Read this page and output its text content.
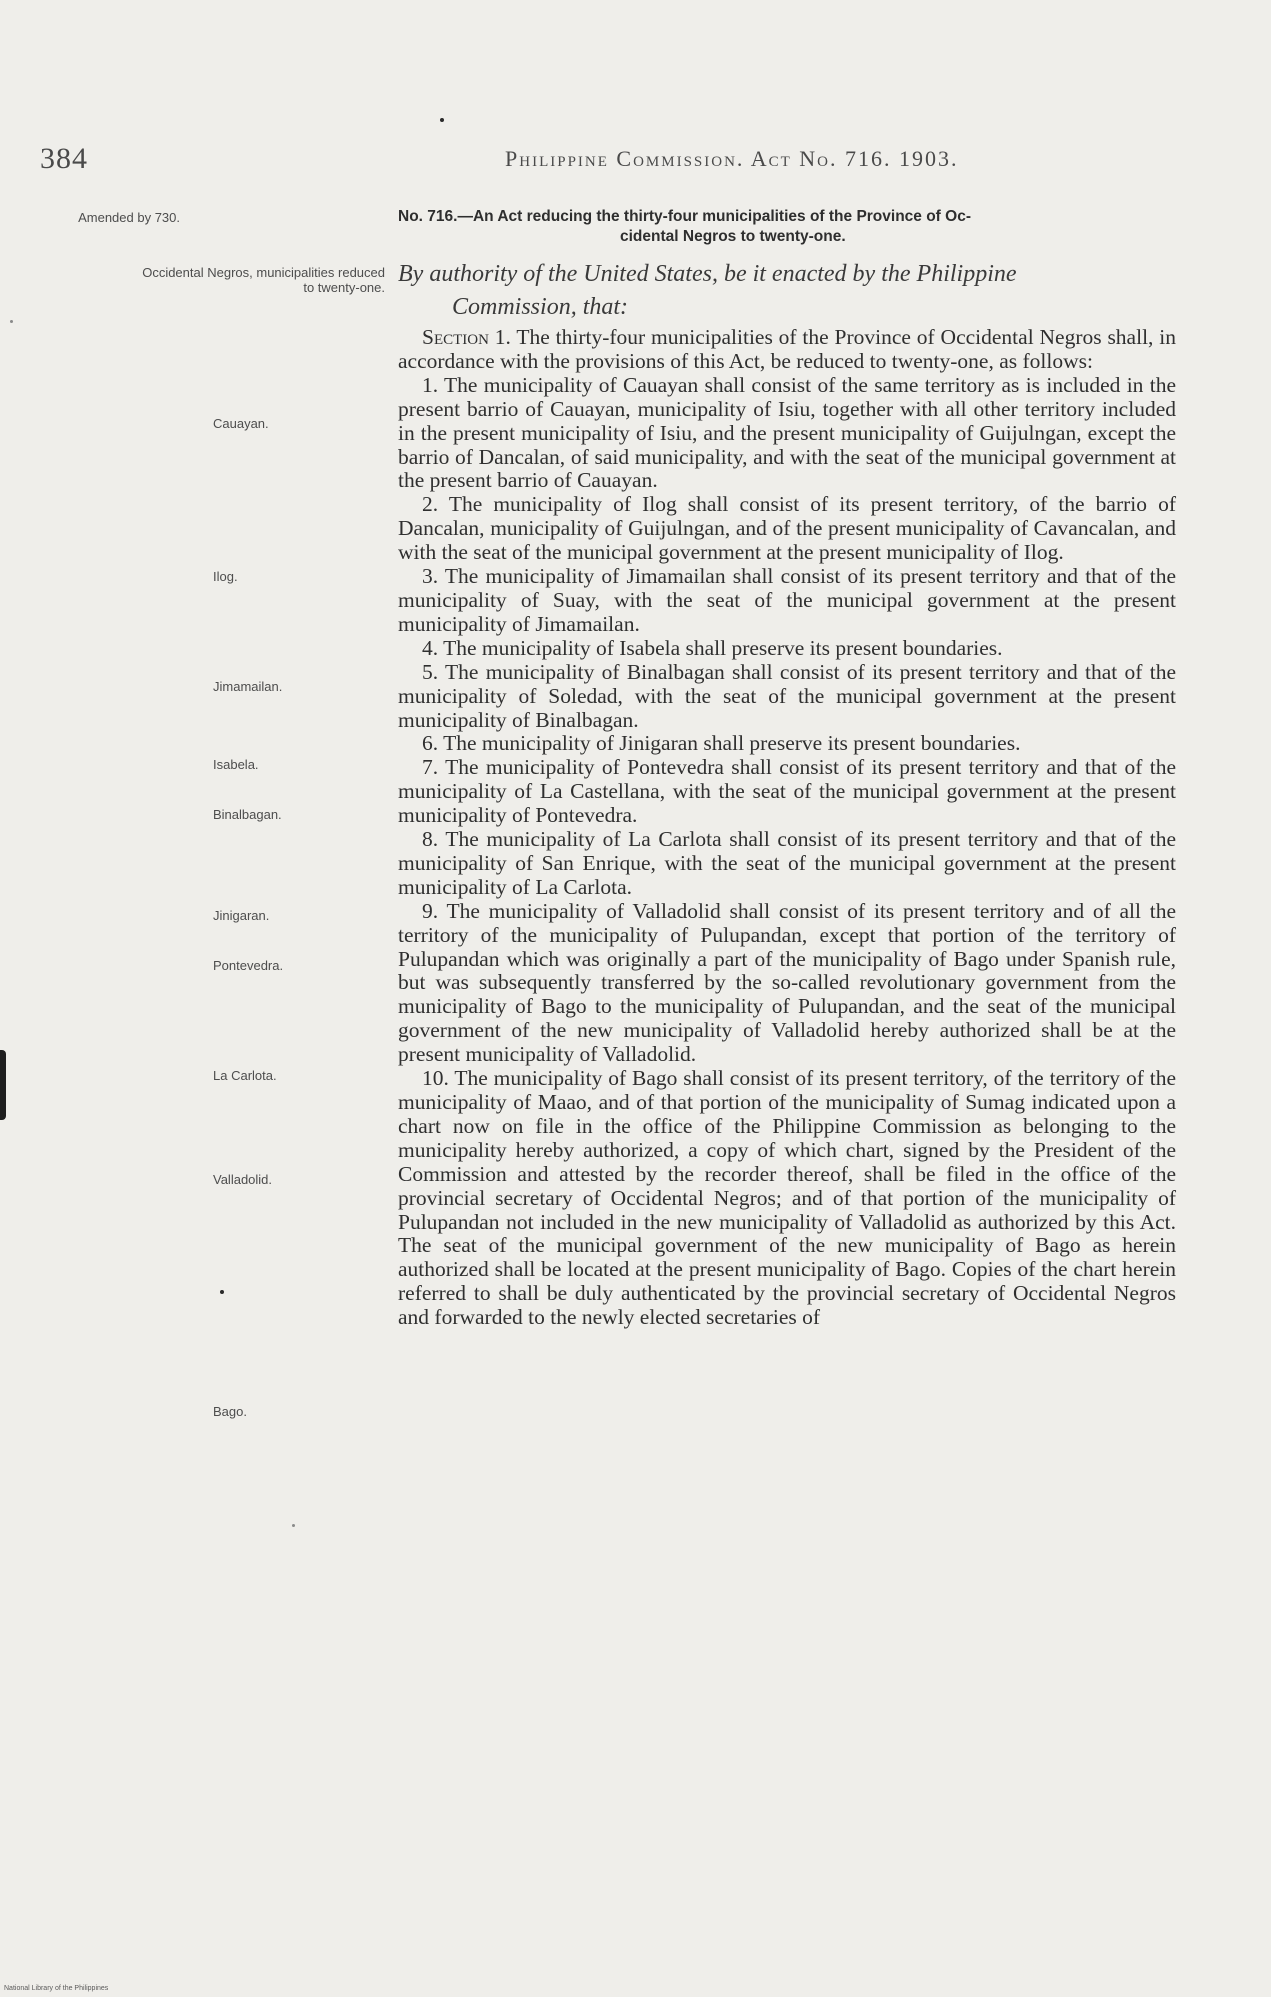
384	Philippine Commission. Act No. 716. 1903.
Amended by 730.
Occidental Negros, municipalities reduced to twenty-one.
No. 716.—An Act reducing the thirty-four municipalities of the Province of Oc-
cidental Negros to twenty-one.
By authority of the United States, be it enacted by the Philippine
Commission, that:
Cauayan.
Ilog.
Jimamailan.
Isabela.
Binalbagan.
Jinigaran.
Pontevedra.
La Carlota.
Valladolid.
Bago.

Section 1. The thirty-four municipalities of the Province of Occidental Negros shall, in accordance with the provisions of this Act, be reduced to twenty-one, as follows:

1. The municipality of Cauayan shall consist of the same territory as is included in the present barrio of Cauayan, municipality of Isiu, together with all other territory included in the present municipality of Isiu, and the present municipality of Guijulngan, except the barrio of Dancalan, of said municipality, and with the seat of the municipal government at the present barrio of Cauayan.

2. The municipality of Ilog shall consist of its present territory, of the barrio of Dancalan, municipality of Guijulngan, and of the present municipality of Cavancalan, and with the seat of the municipal government at the present municipality of Ilog.

3. The municipality of Jimamailan shall consist of its present territory and that of the municipality of Suay, with the seat of the municipal government at the present municipality of Jimamailan.

4. The municipality of Isabela shall preserve its present boundaries.

5. The municipality of Binalbagan shall consist of its present territory and that of the municipality of Soledad, with the seat of the municipal government at the present municipality of Binalbagan.

6. The municipality of Jinigaran shall preserve its present boundaries.

7. The municipality of Pontevedra shall consist of its present territory and that of the municipality of La Castellana, with the seat of the municipal government at the present municipality of Pontevedra.

8. The municipality of La Carlota shall consist of its present territory and that of the municipality of San Enrique, with the seat of the municipal government at the present municipality of La Carlota.

9. The municipality of Valladolid shall consist of its present territory and of all the territory of the municipality of Pulupandan, except that portion of the territory of Pulupandan which was originally a part of the municipality of Bago under Spanish rule, but was subsequently transferred by the so-called revolutionary government from the municipality of Bago to the municipality of Pulupandan, and the seat of the municipal government of the new municipality of Valladolid hereby authorized shall be at the present municipality of Valladolid.

10. The municipality of Bago shall consist of its present territory, of the territory of the municipality of Maao, and of that portion of the municipality of Sumag indicated upon a chart now on file in the office of the Philippine Commission as belonging to the municipality hereby authorized, a copy of which chart, signed by the President of the Commission and attested by the recorder thereof, shall be filed in the office of the provincial secretary of Occidental Negros; and of that portion of the municipality of Pulupandan not included in the new municipality of Valladolid as authorized by this Act. The seat of the municipal government of the new municipality of Bago as herein authorized shall be located at the present municipality of Bago. Copies of the chart herein referred to shall be duly authenticated by the provincial secretary of Occidental Negros and forwarded to the newly elected secretaries of

National Library of the Philippines
